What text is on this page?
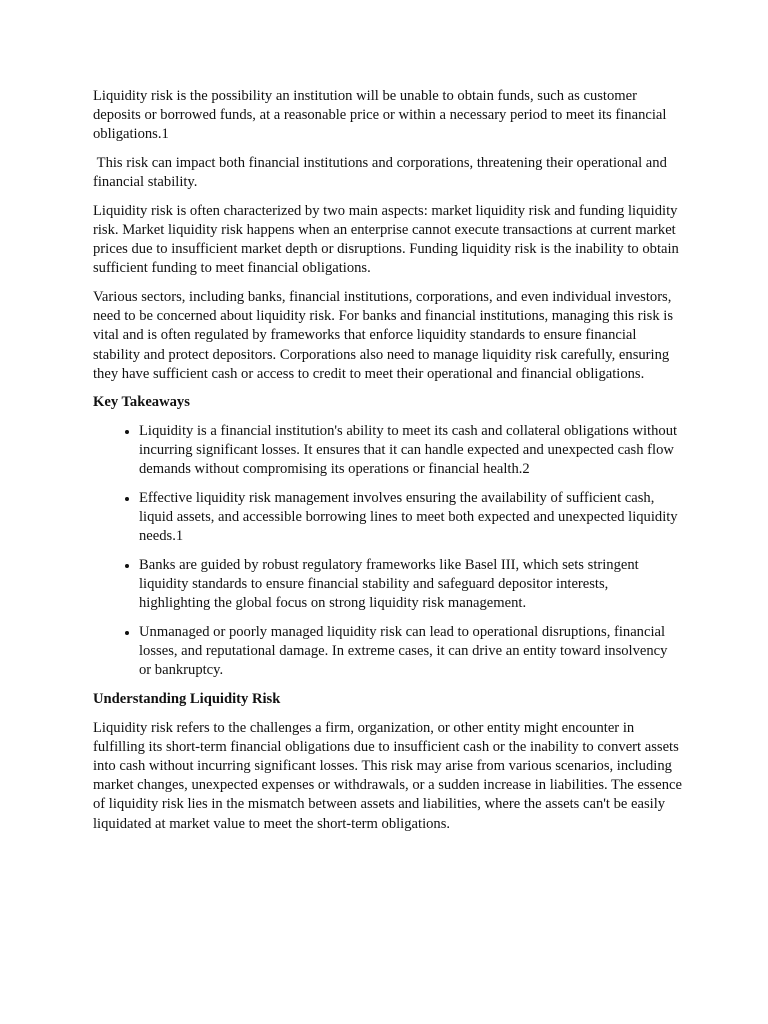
Liquidity risk is the possibility an institution will be unable to obtain funds, such as customer deposits or borrowed funds, at a reasonable price or within a necessary period to meet its financial obligations.1

This risk can impact both financial institutions and corporations, threatening their operational and financial stability.

Liquidity risk is often characterized by two main aspects: market liquidity risk and funding liquidity risk. Market liquidity risk happens when an enterprise cannot execute transactions at current market prices due to insufficient market depth or disruptions. Funding liquidity risk is the inability to obtain sufficient funding to meet financial obligations.

Various sectors, including banks, financial institutions, corporations, and even individual investors, need to be concerned about liquidity risk. For banks and financial institutions, managing this risk is vital and is often regulated by frameworks that enforce liquidity standards to ensure financial stability and protect depositors. Corporations also need to manage liquidity risk carefully, ensuring they have sufficient cash or access to credit to meet their operational and financial obligations.

Key Takeaways
• Liquidity is a financial institution's ability to meet its cash and collateral obligations without incurring significant losses. It ensures that it can handle expected and unexpected cash flow demands without compromising its operations or financial health.2
• Effective liquidity risk management involves ensuring the availability of sufficient cash, liquid assets, and accessible borrowing lines to meet both expected and unexpected liquidity needs.1
• Banks are guided by robust regulatory frameworks like Basel III, which sets stringent liquidity standards to ensure financial stability and safeguard depositor interests, highlighting the global focus on strong liquidity risk management.
• Unmanaged or poorly managed liquidity risk can lead to operational disruptions, financial losses, and reputational damage. In extreme cases, it can drive an entity toward insolvency or bankruptcy.
Understanding Liquidity Risk

Liquidity risk refers to the challenges a firm, organization, or other entity might encounter in fulfilling its short-term financial obligations due to insufficient cash or the inability to convert assets into cash without incurring significant losses. This risk may arise from various scenarios, including market changes, unexpected expenses or withdrawals, or a sudden increase in liabilities. The essence of liquidity risk lies in the mismatch between assets and liabilities, where the assets can't be easily liquidated at market value to meet the short-term obligations.
